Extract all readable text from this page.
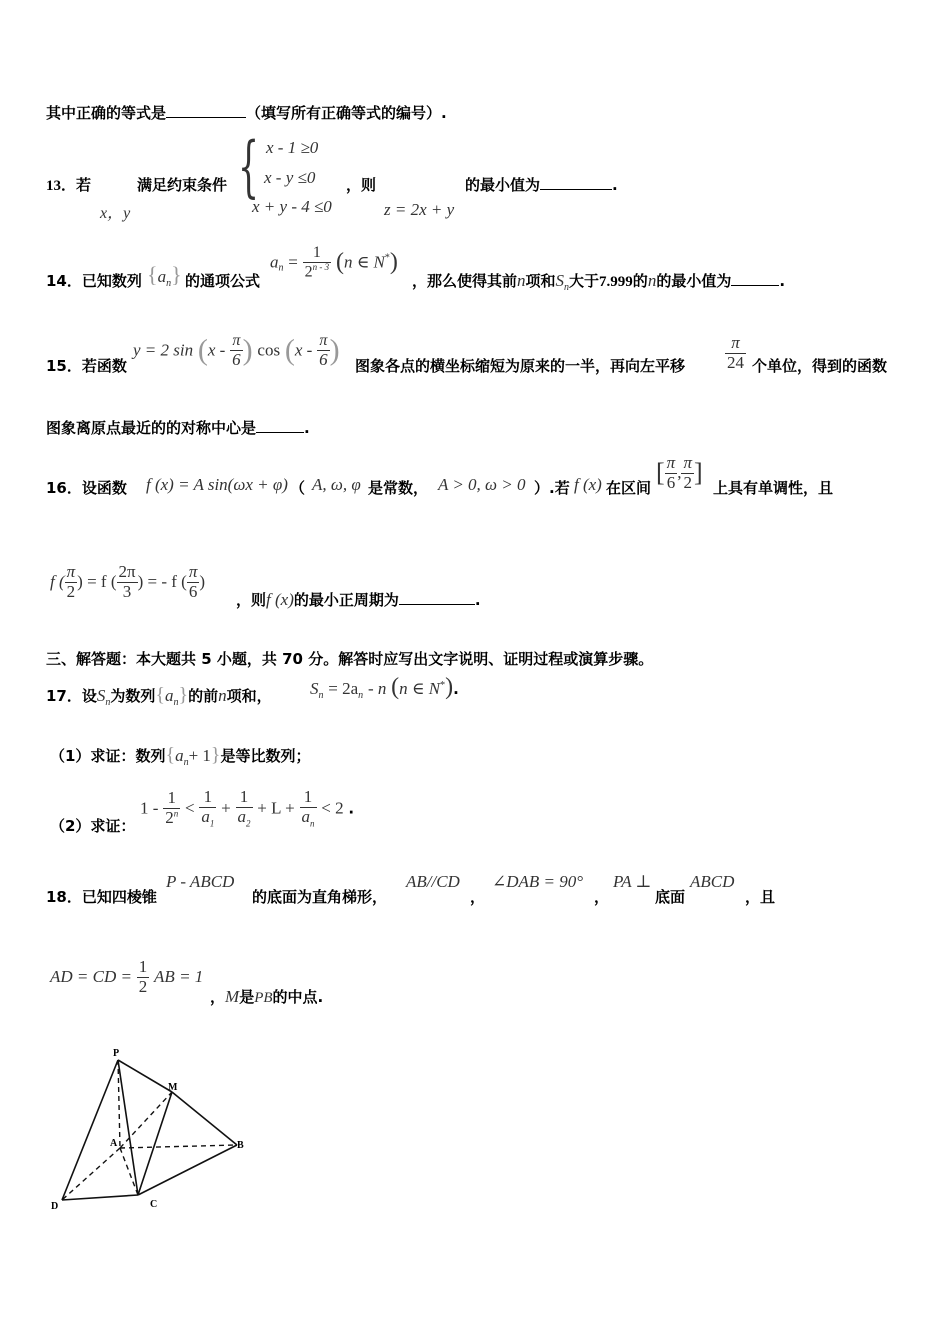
其中正确的等式是	（填写所有正确等式的编号）.
13．若
x，y
满足约束条件 { x - 1 ≥0
x - y ≤0
x + y - 4 ≤0
，则
z = 2x + y
的最小值为	.
14．已知数列 $\{a_n\}$ 的通项公式
$a_n = \frac{1}{2^{n - 3}} (n$ ∈ N*)
，那么使得其前n项和$S_n$大于7.999的n的最小值为	.
15．若函数
y = 2 $\sin (x - \frac{\pi}{6}$ ) $\cos (x - \frac{\pi}{6}$ ) 图象各点的横坐标缩短为原来的一半，再向左平移 $\frac{\pi}{24}$ 个单位，得到的函数
图象离原点最近的的对称中心是	.
16．设函数 f (x) = A sin(ωx + φ) （ A, ω, φ 是常数， A > 0, ω > 0 ）.若 f (x) 在区间
[ $\frac{\pi}{6}$ , $\frac{\pi}{2}$ ]
上具有单调性，且
f ( $\frac{\pi}{2}$ ) = f ( $\frac{2\pi}{3}$ ) = - f ( $\frac{\pi}{6}$ )
，则f (x)的最小正周期为	.
三、解答题：本大题共 5 小题，共 70 分。解答时应写出文字说明、证明过程或演算步骤。
17．设$S_n$为数列$\{a_n\}$的前n项和， $S_n = 2a_n - n$ (n ∈ N*).
（1）求证：数列$\{a_n+ 1\}$是等比数列；
（2）求证：
$1 - \frac{1}{2^n} < \frac{1}{a_1} + \frac{1}{a_2} + L + \frac{1}{a_n} < 2$ .
18．已知四棱锥
P - ABCD
的底面为直角梯形，
AB//CD
，
∠DAB = 90°
，
PA ⊥
底面
ABCD
，且
AD = CD = $\frac{1}{2}$ AB = 1
，M是PB的中点.
P
M
A	B
C
D
